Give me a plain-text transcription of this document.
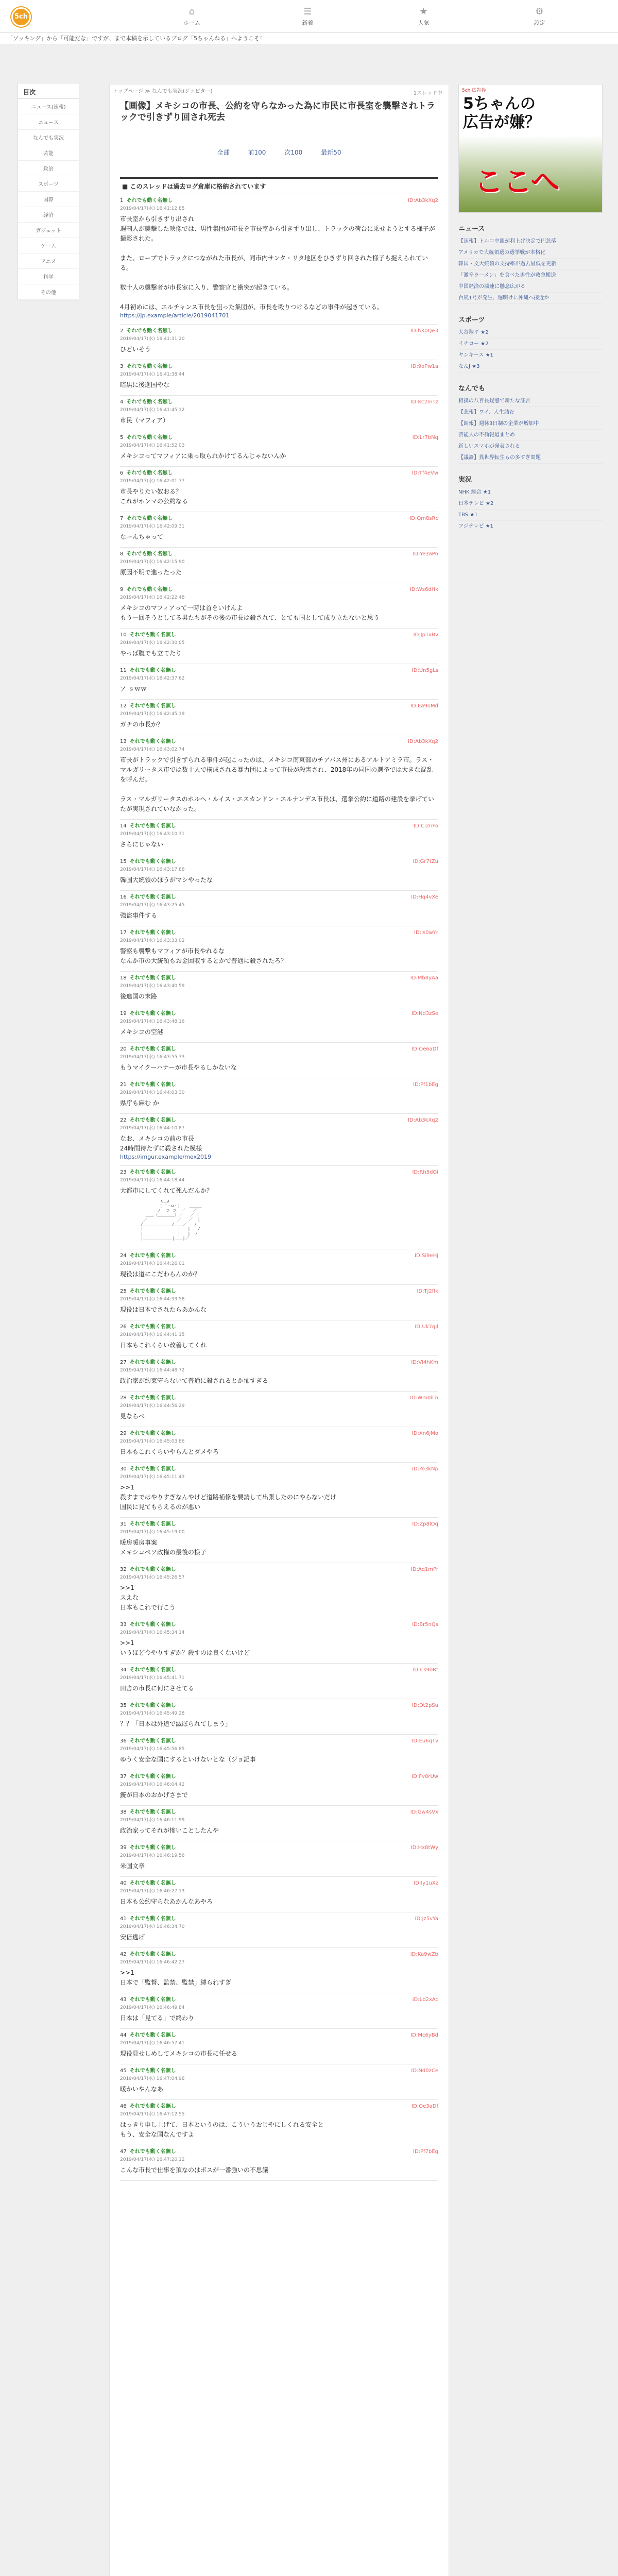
5ch	⌂
ホーム
☰
新着
★
人気
⚙
設定
「ソッキング」から「可能だな」ですが、まで本稿を示しているブログ「5ちゃんねる」へようこそ！
目次
ニュース(速報)
ニュース
なんでも実況
芸能
政治
スポーツ
国際
経済
ガジェット
ゲーム
アニメ
科学
その他
トップページ ≫ なんでも実況(ジュピター)	1スレッド中
【画像】メキシコの市長、公約を守らなかった為に市民に市長室を襲撃されトラックで引きずり回され死去
全部	前100	次100	最新50
■ このスレッドは過去ログ倉庫に格納されています
1 それでも動く名無し	ID:Ab3kXq2
2019/04/17(水) 16:41:12.85
市長室から引きずり出され
週刊人が襲撃した映像では、男性集団が市長を市長室から引きずり出し、トラックの荷台に乗せようとする様子が撮影された。

また、ロープでトラックにつながれた市長が、同市内サンタ・リタ地区をひきずり回された様子も捉えられている。

数十人の襲撃者が市長室に入り、警察官と衝突が起きている。

4月初めには、エルチャンス市長を狙った集団が、市長を殴りつけるなどの事件が起きている。
https://jp.example/article/2019041701
2 それでも動く名無し	ID:hX0Qe3
2019/04/17(水) 16:41:31.20
ひどいそう
3 それでも動く名無し	ID:9oPw1a
2019/04/17(水) 16:41:38.44
暗黒に後進国やな
4 それでも動く名無し	ID:Kc2mTz
2019/04/17(水) 16:41:45.12
市民（マフィア）
5 それでも動く名無し	ID:Lr7bNq
2019/04/17(水) 16:41:52.03
メキシコってマフィアに乗っ取られかけてるんじゃないんか
6 それでも動く名無し	ID:Tf4eVw
2019/04/17(水) 16:42:01.77
市長やりたい奴おる？
これがホンマの公約なる
7 それでも動く名無し	ID:Qm8sRc
2019/04/17(水) 16:42:09.31
なーんちゃって
8 それでも動く名無し	ID:Ye3aPn
2019/04/17(水) 16:42:15.90
原因不明で進ったった
9 それでも動く名無し	ID:Ws6dHk
2019/04/17(水) 16:42:22.48
メキシコのマフィアって一時は首をいけんよ
もう一回そうとしてる男たちがその後の市長は殺されて、とても国として成り立たないと思う
10 それでも動く名無し	ID:Jp1xBv
2019/04/17(水) 16:42:30.05
やっぱ腹でも立てたり
11 それでも動く名無し	ID:Un5gLs
2019/04/17(水) 16:42:37.62
ア ｓｗｗ
12 それでも動く名無し	ID:Ea9oMd
2019/04/17(水) 16:42:45.19
ガチの市長か？
13 それでも動く名無し	ID:Ab3kXq2
2019/04/17(水) 16:43:02.74
市長がトラックで引きずられる事件が起こったのは、メキシコ南東部のチアパス州にあるアルトアミラ市。ラス・マルガリータス市では数十人で構成される暴力団によって市長が殺害され、2018年の同国の選挙では大きな混乱を呼んだ。

ラス・マルガリータスのホルヘ・ルイス・エスカンドン・エルナンデス市長は、選挙公約に道路の建設を挙げていたが実現されていなかった。
14 それでも動く名無し	ID:Ci2nFo
2019/04/17(水) 16:43:10.31
さらにじゃない
15 それでも動く名無し	ID:Gr7tZu
2019/04/17(水) 16:43:17.88
韓国大統領のほうがマシやったな
16 それでも動く名無し	ID:Hq4vXe
2019/04/17(水) 16:43:25.45
強盗事件する
17 それでも動く名無し	ID:Is0wYr
2019/04/17(水) 16:43:33.02
警察も襲撃もマフィアが市長やれるな
なんか市の大統領もお金回収するとかで普通に殺されたろ？
18 それでも動く名無し	ID:Mb8yAa
2019/04/17(水) 16:43:40.59
後進国の末路
19 それでも動く名無し	ID:Nd3zSe
2019/04/17(水) 16:43:48.16
メキシコの空港
20 それでも動く名無し	ID:Oe6aDf
2019/04/17(水) 16:43:55.73
もうマイクーハナーが市長やるしかないな
21 それでも動く名無し	ID:Pf1bEg
2019/04/17(水) 16:44:03.30
県庁も麻む か
22 それでも動く名無し	ID:Ab3kXq2
2019/04/17(水) 16:44:10.87
なお、メキシコの前の市長
24時間待たずに殺された模様
https://imgur.example/mex2019
23 それでも動く名無し	ID:Rh5dGi
2019/04/17(水) 16:44:18.44
大都市にしてくれて死んだんか？
∧＿∧
（ ´・ω・）   ＿＿＿
/  つ つ  ／   ／|
＿＿（＿＿＿＿）／   ／ |
／            ／   ／  |
/＿＿＿＿＿＿＿/＿＿／   /
|              |   |   /
|              |   |  /
|＿＿＿＿＿＿＿|＿＿|／
24 それでも動く名無し	ID:Si9eHj
2019/04/17(水) 16:44:26.01
現役は道にこだわらんのか？
25 それでも動く名無し	ID:Tj2fIk
2019/04/17(水) 16:44:33.58
現役は日本でされたらあかんな
26 それでも動く名無し	ID:Uk7gJl
2019/04/17(水) 16:44:41.15
日本もこれくらい改善してくれ
27 それでも動く名無し	ID:Vl4hKm
2019/04/17(水) 16:44:48.72
政治家が約束守らないて普通に殺されるとか怖すぎる
28 それでも動く名無し	ID:Wm0iLn
2019/04/17(水) 16:44:56.29
見ならべ
29 それでも動く名無し	ID:Xn6jMo
2019/04/17(水) 16:45:03.86
日本もこれくらいやらんとダメやろ
30 それでも動く名無し	ID:Yo3kNp
2019/04/17(水) 16:45:11.43
>>1
殺すまではやりすぎなんやけど道路補修を要請して出張したのにやらないだけ
国民に見てもらえるのが悪い
31 それでも動く名無し	ID:Zp8lOq
2019/04/17(水) 16:45:19.00
暖房暖房事案
メキシコペソ政権の最後の様子
32 それでも動く名無し	ID:Aq1mPr
2019/04/17(水) 16:45:26.57
>>1
スえな
日本もこれで行こう
33 それでも動く名無し	ID:Br5nQs
2019/04/17(水) 16:45:34.14
>>1
いうほど今やりすぎか？殺すのは良くないけど
34 それでも動く名無し	ID:Cs9oRt
2019/04/17(水) 16:45:41.71
田舎の市長に何にさせてる
35 それでも動く名無し	ID:Dt2pSu
2019/04/17(水) 16:45:49.28
？？「日本は外道で滅ぼられてしまう」
36 それでも動く名無し	ID:Eu6qTv
2019/04/17(水) 16:45:56.85
ゆうく安全な国にするといけないとな（ジョ記事
37 それでも動く名無し	ID:Fv0rUw
2019/04/17(水) 16:46:04.42
銃が日本のおかげさまで
38 それでも動く名無し	ID:Gw4sVx
2019/04/17(水) 16:46:11.99
政治家ってそれが怖いことしたんや
39 それでも動く名無し	ID:Hx8tWy
2019/04/17(水) 16:46:19.56
米国文章
40 それでも動く名無し	ID:Iy1uXz
2019/04/17(水) 16:46:27.13
日本も公約守らなあかんなあやろ
41 それでも動く名無し	ID:Jz5vYa
2019/04/17(水) 16:46:34.70
安倍逃げ
42 それでも動く名無し	ID:Ka9wZb
2019/04/17(水) 16:46:42.27
>>1
日本で「監督、監禁、監禁」縛られすぎ
43 それでも動く名無し	ID:Lb2xAc
2019/04/17(水) 16:46:49.84
日本は「見てる」で終わり
44 それでも動く名無し	ID:Mc6yBd
2019/04/17(水) 16:46:57.41
現役見せしめしてメキシコの市長に任せる
45 それでも動く名無し	ID:Nd0zCe
2019/04/17(水) 16:47:04.98
暖かいやんなあ
46 それでも動く名無し	ID:Oe3aDf
2019/04/17(水) 16:47:12.55
はっきり申し上げて、日本というのは、こういうおじやにしくれる安全と
もう、安全な国なんですよ
47 それでも動く名無し	ID:Pf7bEg
2019/04/17(水) 16:47:20.12
こんな市長で仕事を頂なのはボスが一番強いの不思議
5ch 広告枠
5ちゃんの
広告が嫌？
ここへ
ニュース
【速報】トルコ中銀が利上げ決定で円急落
アメリカで大統領選の選挙戦が本格化
韓国・文大統領の支持率が過去最低を更新
「激辛ラーメン」を食べた男性が救急搬送
中国経済の減速に懸念広がる
台風1号が発生、週明けに沖縄へ接近か
スポーツ
大谷翔平 ★2
イチロー ★2
ヤンキース ★1
なんJ ★3
なんでも
相撲の八百長疑惑で新たな証言
【悲報】ワイ、人生詰む
【朗報】週休3日制の企業が増加中
芸能人の不倫報道まとめ
新しいスマホが発表される
【議論】異世界転生もの多すぎ問題
実況
NHK 総合 ★1
日本テレビ ★2
TBS ★1
フジテレビ ★1
